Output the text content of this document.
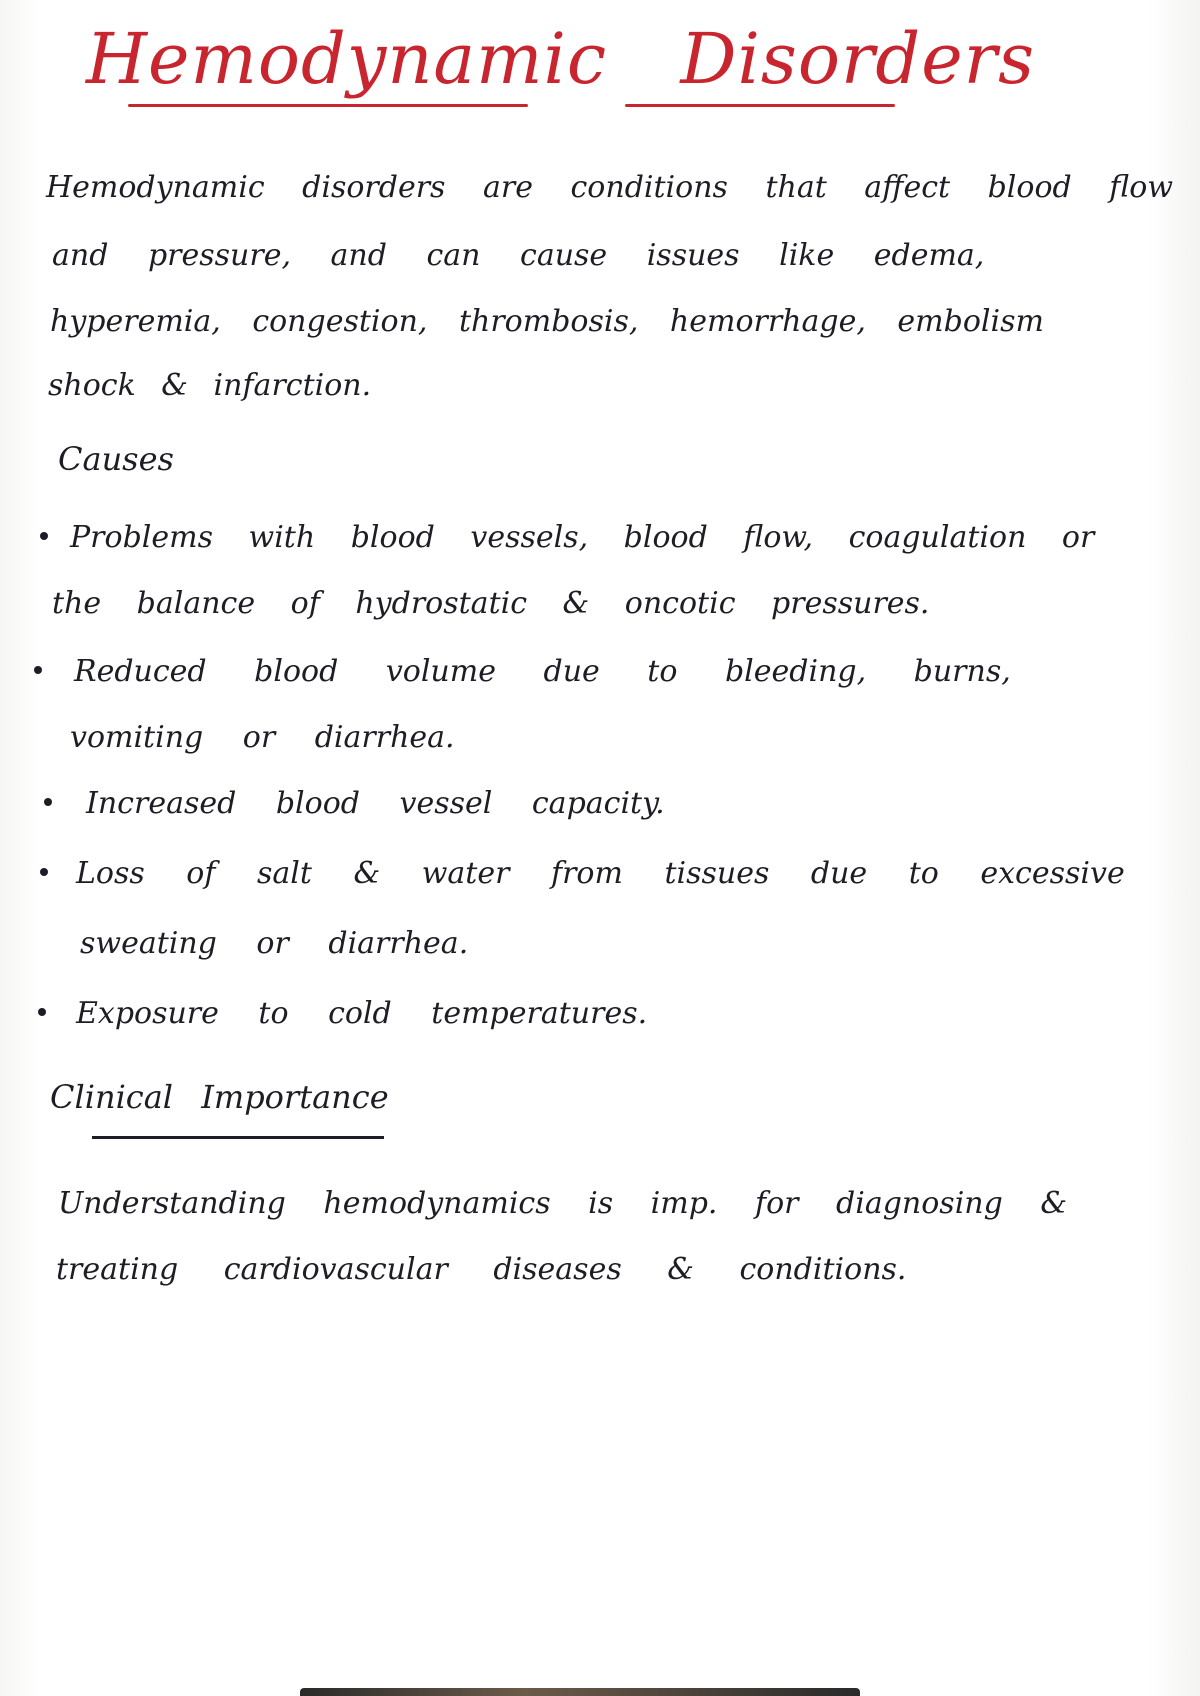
Hemodynamic Disorders
Hemodynamic disorders are conditions that affect blood flow
and pressure, and can cause issues like edema,
hyperemia, congestion, thrombosis, hemorrhage, embolism
shock & infarction.
Causes
Problems with blood vessels, blood flow, coagulation or
the balance of hydrostatic & oncotic pressures.
Reduced blood volume due to bleeding, burns,
vomiting or diarrhea.
Increased blood vessel capacity.
Loss of salt & water from tissues due to excessive
sweating or diarrhea.
Exposure to cold temperatures.
Clinical Importance
Understanding hemodynamics is imp. for diagnosing &
treating cardiovascular diseases & conditions.
